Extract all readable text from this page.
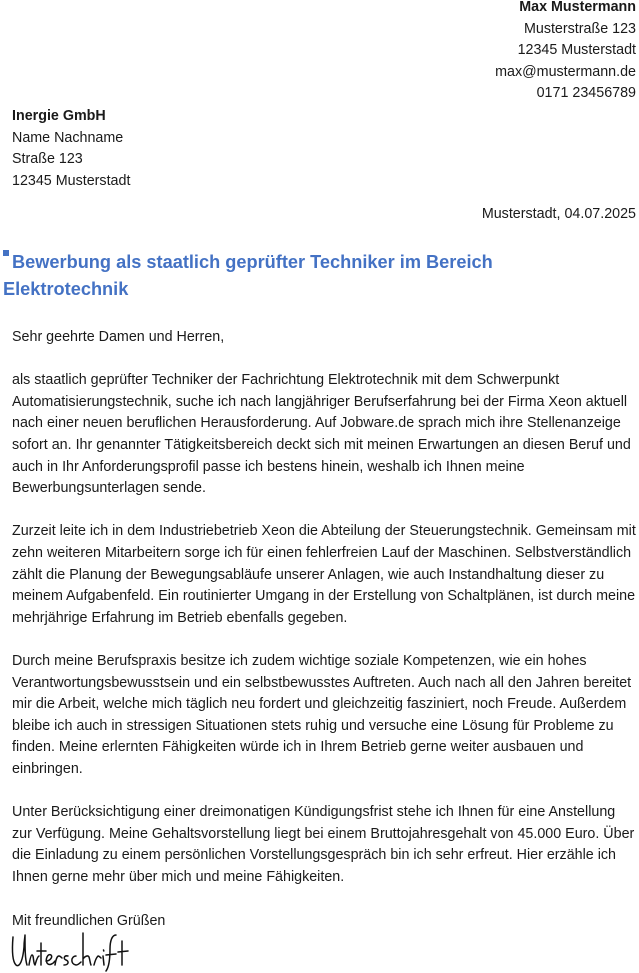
Max Mustermann
Musterstraße 123
12345 Musterstadt
max@mustermann.de
0171 23456789
Inergie GmbH
Name Nachname
Straße 123
12345 Musterstadt
Musterstadt, 04.07.2025
Bewerbung als staatlich geprüfter Techniker im Bereich Elektrotechnik

Sehr geehrte Damen und Herren,

als staatlich geprüfter Techniker der Fachrichtung Elektrotechnik mit dem Schwerpunkt Automatisierungstechnik, suche ich nach langjähriger Berufserfahrung bei der Firma Xeon aktuell nach einer neuen beruflichen Herausforderung. Auf Jobware.de sprach mich ihre Stellenanzeige sofort an. Ihr genannter Tätigkeitsbereich deckt sich mit meinen Erwartungen an diesen Beruf und auch in Ihr Anforderungsprofil passe ich bestens hinein, weshalb ich Ihnen meine Bewerbungsunterlagen sende.

Zurzeit leite ich in dem Industriebetrieb Xeon die Abteilung der Steuerungstechnik. Gemeinsam mit zehn weiteren Mitarbeitern sorge ich für einen fehlerfreien Lauf der Maschinen. Selbstverständlich zählt die Planung der Bewegungsabläufe unserer Anlagen, wie auch Instandhaltung dieser zu meinem Aufgabenfeld. Ein routinierter Umgang in der Erstellung von Schaltplänen, ist durch meine mehrjährige Erfahrung im Betrieb ebenfalls gegeben.

Durch meine Berufspraxis besitze ich zudem wichtige soziale Kompetenzen, wie ein hohes Verantwortungsbewusstsein und ein selbstbewusstes Auftreten. Auch nach all den Jahren bereitet mir die Arbeit, welche mich täglich neu fordert und gleichzeitig fasziniert, noch Freude. Außerdem bleibe ich auch in stressigen Situationen stets ruhig und versuche eine Lösung für Probleme zu finden. Meine erlernten Fähigkeiten würde ich in Ihrem Betrieb gerne weiter ausbauen und einbringen.

Unter Berücksichtigung einer dreimonatigen Kündigungsfrist stehe ich Ihnen für eine Anstellung zur Verfügung. Meine Gehaltsvorstellung liegt bei einem Bruttojahresgehalt von 45.000 Euro. Über die Einladung zu einem persönlichen Vorstellungsgespräch bin ich sehr erfreut. Hier erzähle ich Ihnen gerne mehr über mich und meine Fähigkeiten.

Mit freundlichen Grüßen
